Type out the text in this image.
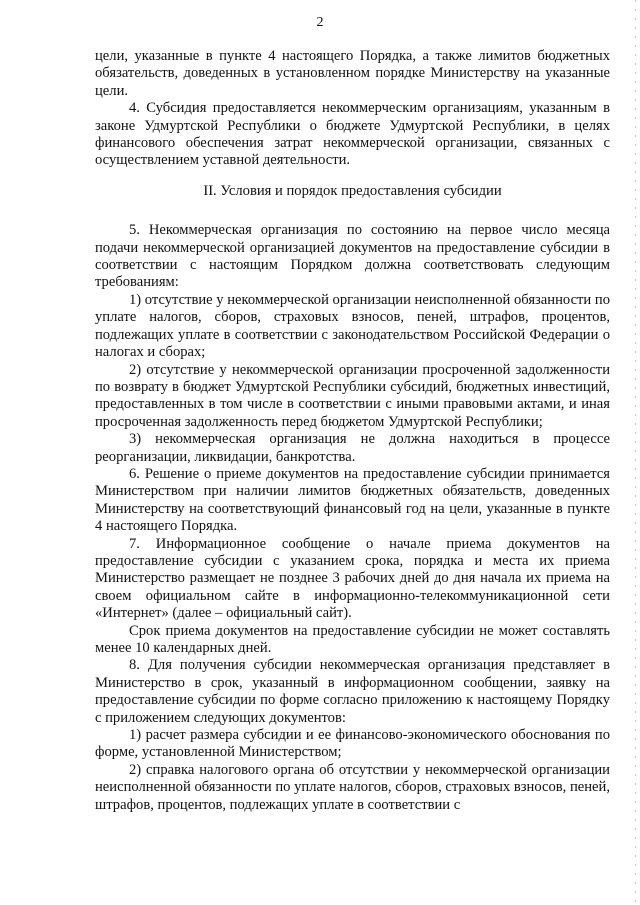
2

цели, указанные в пункте 4 настоящего Порядка, а также лимитов бюджетных обязательств, доведенных в установленном порядке Министерству на указанные цели.

4. Субсидия предоставляется некоммерческим организациям, указанным в законе Удмуртской Республики о бюджете Удмуртской Республики, в целях финансового обеспечения затрат некоммерческой организации, связанных с осуществлением уставной деятельности.

II. Условия и порядок предоставления субсидии

5. Некоммерческая организация по состоянию на первое число месяца подачи некоммерческой организацией документов на предоставление субсидии в соответствии с настоящим Порядком должна соответствовать следующим требованиям:

1) отсутствие у некоммерческой организации неисполненной обязанности по уплате налогов, сборов, страховых взносов, пеней, штрафов, процентов, подлежащих уплате в соответствии с законодательством Российской Федерации о налогах и сборах;

2) отсутствие у некоммерческой организации просроченной задолженности по возврату в бюджет Удмуртской Республики субсидий, бюджетных инвестиций, предоставленных в том числе в соответствии с иными правовыми актами, и иная просроченная задолженность перед бюджетом Удмуртской Республики;

3) некоммерческая организация не должна находиться в процессе реорганизации, ликвидации, банкротства.

6. Решение о приеме документов на предоставление субсидии принимается Министерством при наличии лимитов бюджетных обязательств, доведенных Министерству на соответствующий финансовый год на цели, указанные в пункте 4 настоящего Порядка.

7. Информационное сообщение о начале приема документов на предоставление субсидии с указанием срока, порядка и места их приема Министерство размещает не позднее 3 рабочих дней до дня начала их приема на своем официальном сайте в информационно-телекоммуникационной сети «Интернет» (далее – официальный сайт).

Срок приема документов на предоставление субсидии не может составлять менее 10 календарных дней.

8. Для получения субсидии некоммерческая организация представляет в Министерство в срок, указанный в информационном сообщении, заявку на предоставление субсидии по форме согласно приложению к настоящему Порядку с приложением следующих документов:

1) расчет размера субсидии и ее финансово-экономического обоснования по форме, установленной Министерством;

2) справка налогового органа об отсутствии у некоммерческой организации неисполненной обязанности по уплате налогов, сборов, страховых взносов, пеней, штрафов, процентов, подлежащих уплате в соответствии с
